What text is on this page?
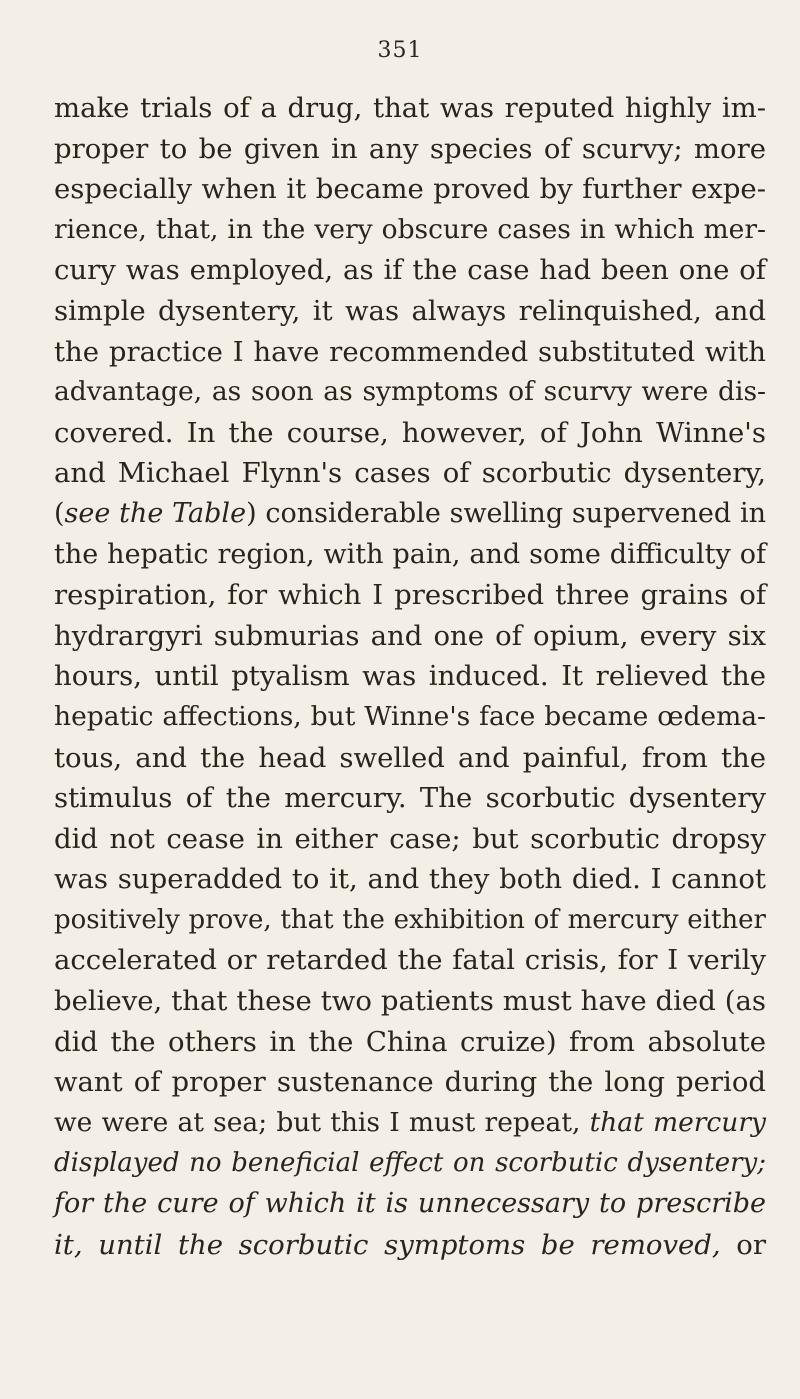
351
make trials of a drug, that was reputed highly im-
proper to be given in any species of scurvy; more
especially when it became proved by further expe-
rience, that, in the very obscure cases in which mer-
cury was employed, as if the case had been one of
simple dysentery, it was always relinquished, and
the practice I have recommended substituted with
advantage, as soon as symptoms of scurvy were dis-
covered. In the course, however, of John Winne's
and Michael Flynn's cases of scorbutic dysentery,
(see the Table) considerable swelling supervened in
the hepatic region, with pain, and some difficulty of
respiration, for which I prescribed three grains of
hydrargyri submurias and one of opium, every six
hours, until ptyalism was induced. It relieved the
hepatic affections, but Winne's face became œdema-
tous, and the head swelled and painful, from the
stimulus of the mercury. The scorbutic dysentery
did not cease in either case; but scorbutic dropsy
was superadded to it, and they both died. I cannot
positively prove, that the exhibition of mercury either
accelerated or retarded the fatal crisis, for I verily
believe, that these two patients must have died (as
did the others in the China cruize) from absolute
want of proper sustenance during the long period
we were at sea; but this I must repeat, that mercury
displayed no beneficial effect on scorbutic dysentery;
for the cure of which it is unnecessary to prescribe
it, until the scorbutic symptoms be removed, or
